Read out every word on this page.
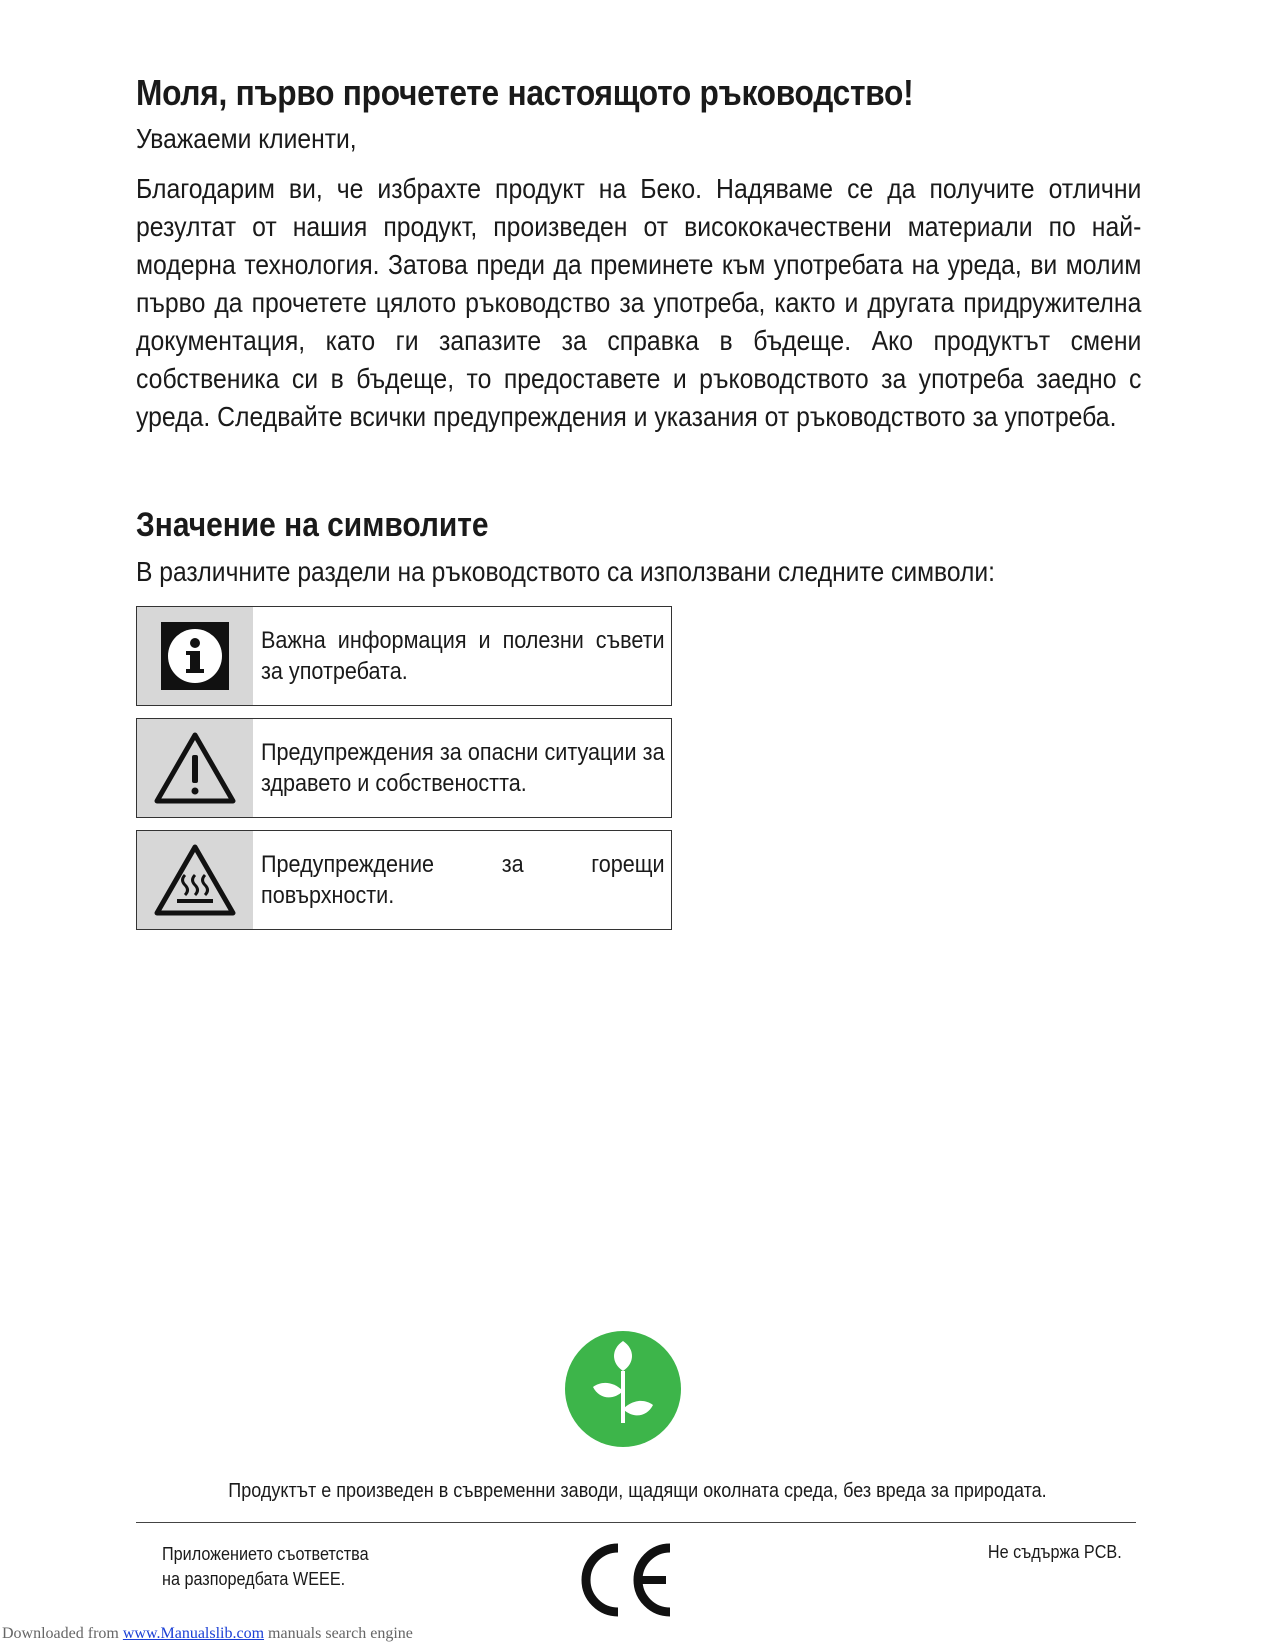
Моля, първо прочетете настоящото ръководство!

Уважаеми клиенти,

Благодарим ви, че избрахте продукт на Беко. Надяваме се да получите отлични резултат от нашия продукт, произведен от висококачествени материали по най-модерна технология. Затова преди да преминете към употребата на уреда, ви молим първо да прочетете цялото ръководство за употреба, както и другата придружителна документация, като ги запазите за справка в бъдеще. Ако продуктът смени собственика си в бъдеще, то предоставете и ръководството за употреба заедно с уреда. Следвайте всички предупреждения и указания от ръководството за употреба.

Значение на символите

В различните раздели на ръководството са използвани следните символи:

Важна информация и полезни съвети за употребата.
Предупреждения за опасни ситуации за здравето и собствеността.
Предупреждение за горещи повърхности.
Продуктът е произведен в съвременни заводи, щадящи околната среда, без вреда за природата.
Приложението съответства на разпоредбата WEEE.
Не съдържа PCB.
Downloaded from www.Manualslib.com manuals search engine
